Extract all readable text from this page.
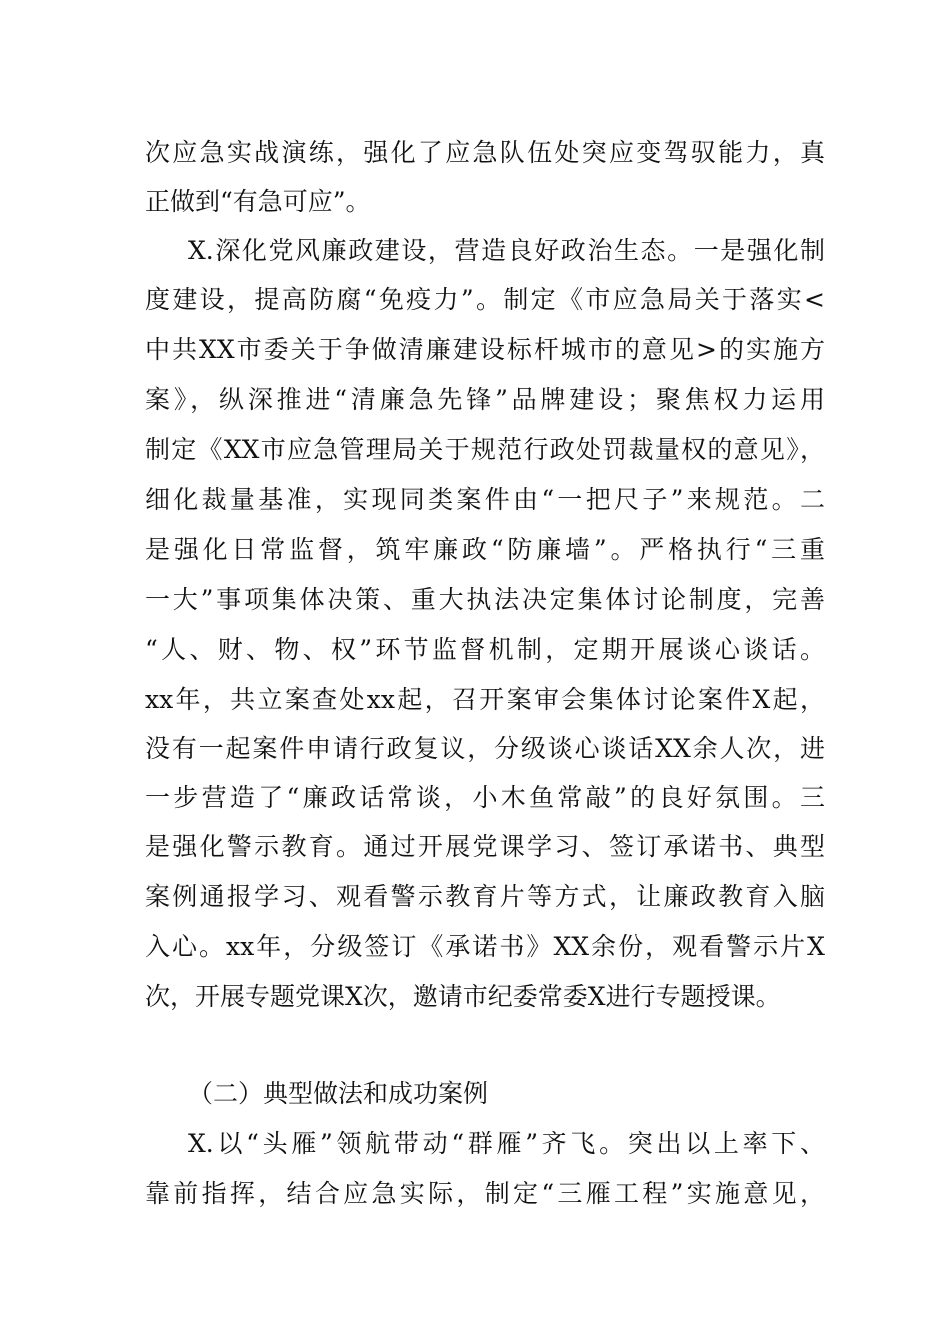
次应急实战演练，强化了应急队伍处突应变驾驭能力，真
正做到“有急可应”。
X.深化党风廉政建设，营造良好政治生态。一是强化制
度建设，提高防腐“免疫力”。制定《市应急局关于落实<
中共XX市委关于争做清廉建设标杆城市的意见>的实施方
案》，纵深推进“清廉急先锋”品牌建设；聚焦权力运用
制定《XX市应急管理局关于规范行政处罚裁量权的意见》，
细化裁量基准，实现同类案件由“一把尺子”来规范。二
是强化日常监督，筑牢廉政“防廉墙”。严格执行“三重
一大”事项集体决策、重大执法决定集体讨论制度，完善
“人、财、物、权”环节监督机制，定期开展谈心谈话。
xx年，共立案查处xx起，召开案审会集体讨论案件X起，
没有一起案件申请行政复议，分级谈心谈话XX余人次，进
一步营造了“廉政话常谈，小木鱼常敲”的良好氛围。三
是强化警示教育。通过开展党课学习、签订承诺书、典型
案例通报学习、观看警示教育片等方式，让廉政教育入脑
入心。xx年，分级签订《承诺书》XX余份，观看警示片X
次，开展专题党课X次，邀请市纪委常委X进行专题授课。
（二）典型做法和成功案例
X.以“头雁”领航带动“群雁”齐飞。突出以上率下、
靠前指挥，结合应急实际，制定“三雁工程”实施意见，
